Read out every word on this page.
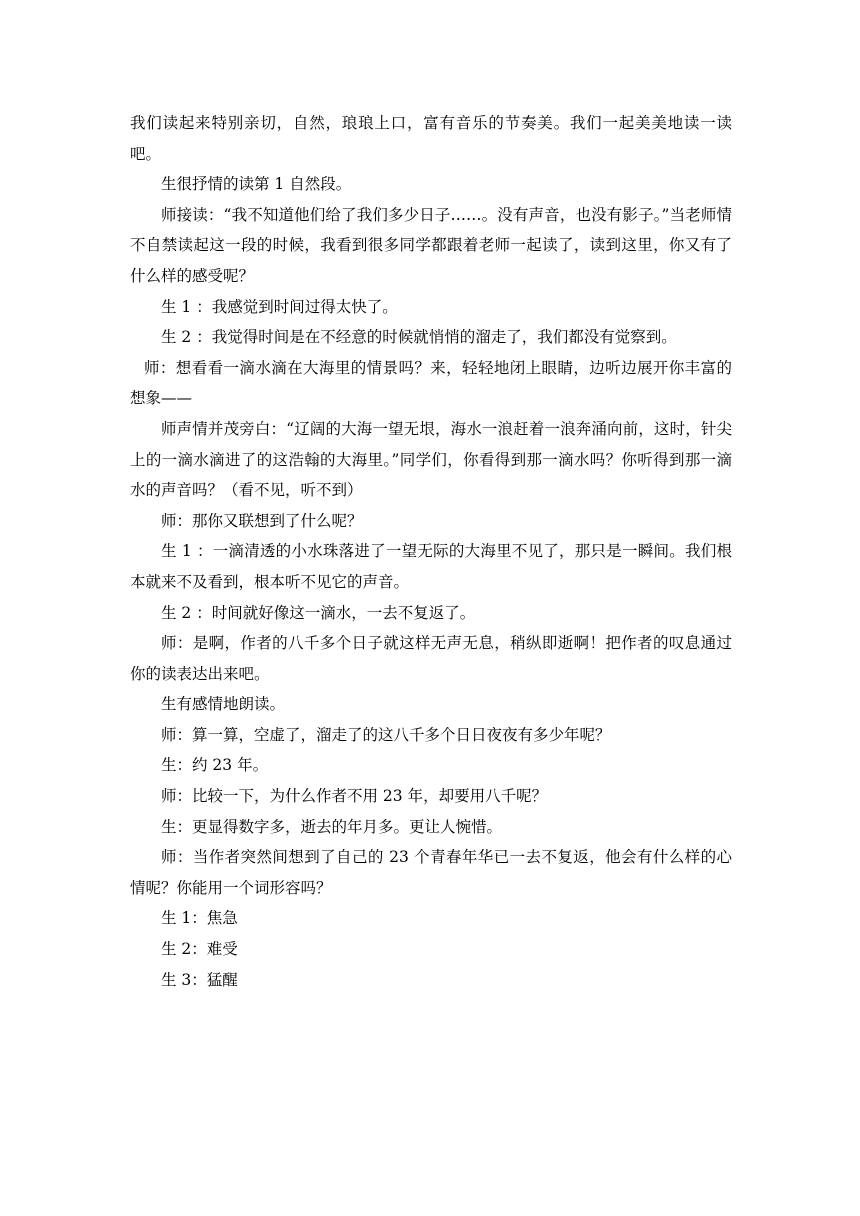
我们读起来特别亲切，自然，琅琅上口，富有音乐的节奏美。我们一起美美地读一读吧。

生很抒情的读第 1 自然段。

师接读：“我不知道他们给了我们多少日子……。没有声音，也没有影子。”当老师情不自禁读起这一段的时候，我看到很多同学都跟着老师一起读了，读到这里，你又有了什么样的感受呢？

生 1 ：我感觉到时间过得太快了。

生 2 ：我觉得时间是在不经意的时候就悄悄的溜走了，我们都没有觉察到。

师：想看看一滴水滴在大海里的情景吗？来，轻轻地闭上眼睛，边听边展开你丰富的想象——

师声情并茂旁白：“辽阔的大海一望无垠，海水一浪赶着一浪奔涌向前，这时，针尖上的一滴水滴进了的这浩翰的大海里。”同学们，你看得到那一滴水吗？你听得到那一滴水的声音吗？（看不见，听不到）

师：那你又联想到了什么呢？

生 1 ：一滴清透的小水珠落进了一望无际的大海里不见了，那只是一瞬间。我们根本就来不及看到，根本听不见它的声音。

生 2 ：时间就好像这一滴水，一去不复返了。

师：是啊，作者的八千多个日子就这样无声无息，稍纵即逝啊！把作者的叹息通过你的读表达出来吧。

生有感情地朗读。

师：算一算，空虚了，溜走了的这八千多个日日夜夜有多少年呢？

生：约 23 年。

师：比较一下，为什么作者不用 23 年，却要用八千呢？

生：更显得数字多，逝去的年月多。更让人惋惜。

师：当作者突然间想到了自己的 23 个青春年华已一去不复返，他会有什么样的心情呢？你能用一个词形容吗？

生 1：焦急

生 2：难受

生 3：猛醒
